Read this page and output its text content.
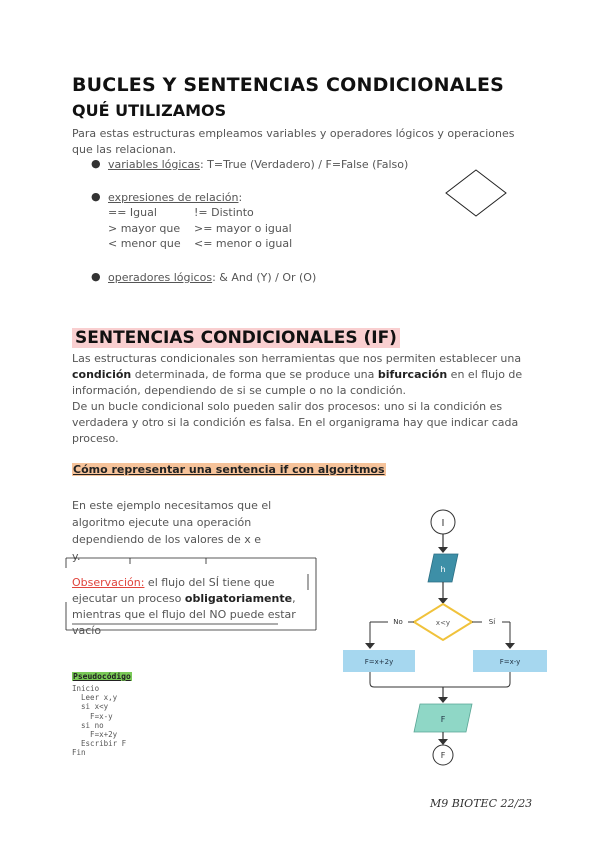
BUCLES Y SENTENCIAS CONDICIONALES
QUÉ UTILIZAMOS
Para estas estructuras empleamos variables y operadores lógicos y operaciones que las relacionan.
● variables lógicas: T=True (Verdadero) / F=False (Falso)
● expresiones de relación:
== Igual	!= Distinto
> mayor que	>= mayor o igual
< menor que	<= menor o igual
● operadores lógicos: & And (Y) / Or (O)
SENTENCIAS CONDICIONALES (IF)
Las estructuras condicionales son herramientas que nos permiten establecer una condición determinada, de forma que se produce una bifurcación en el flujo de información, dependiendo de si se cumple o no la condición.
De un bucle condicional solo pueden salir dos procesos: uno si la condición es verdadera y otro si la condición es falsa. En el organigrama hay que indicar cada proceso.
Cómo representar una sentencia if con algoritmos
En este ejemplo necesitamos que el algoritmo ejecute una operación dependiendo de los valores de x e y.
Observación: el flujo del SÍ tiene que ejecutar un proceso obligatoriamente, mientras que el flujo del NO puede estar vacío
Pseudocódigo
Inicio
Leer x,y
si x<y
F=x-y
si no
F=x+2y
Escribir F
Fin
I
h
x<y
No	Sí
F=x+2y	F=x-y
F
F
M9 BIOTEC 22/23
